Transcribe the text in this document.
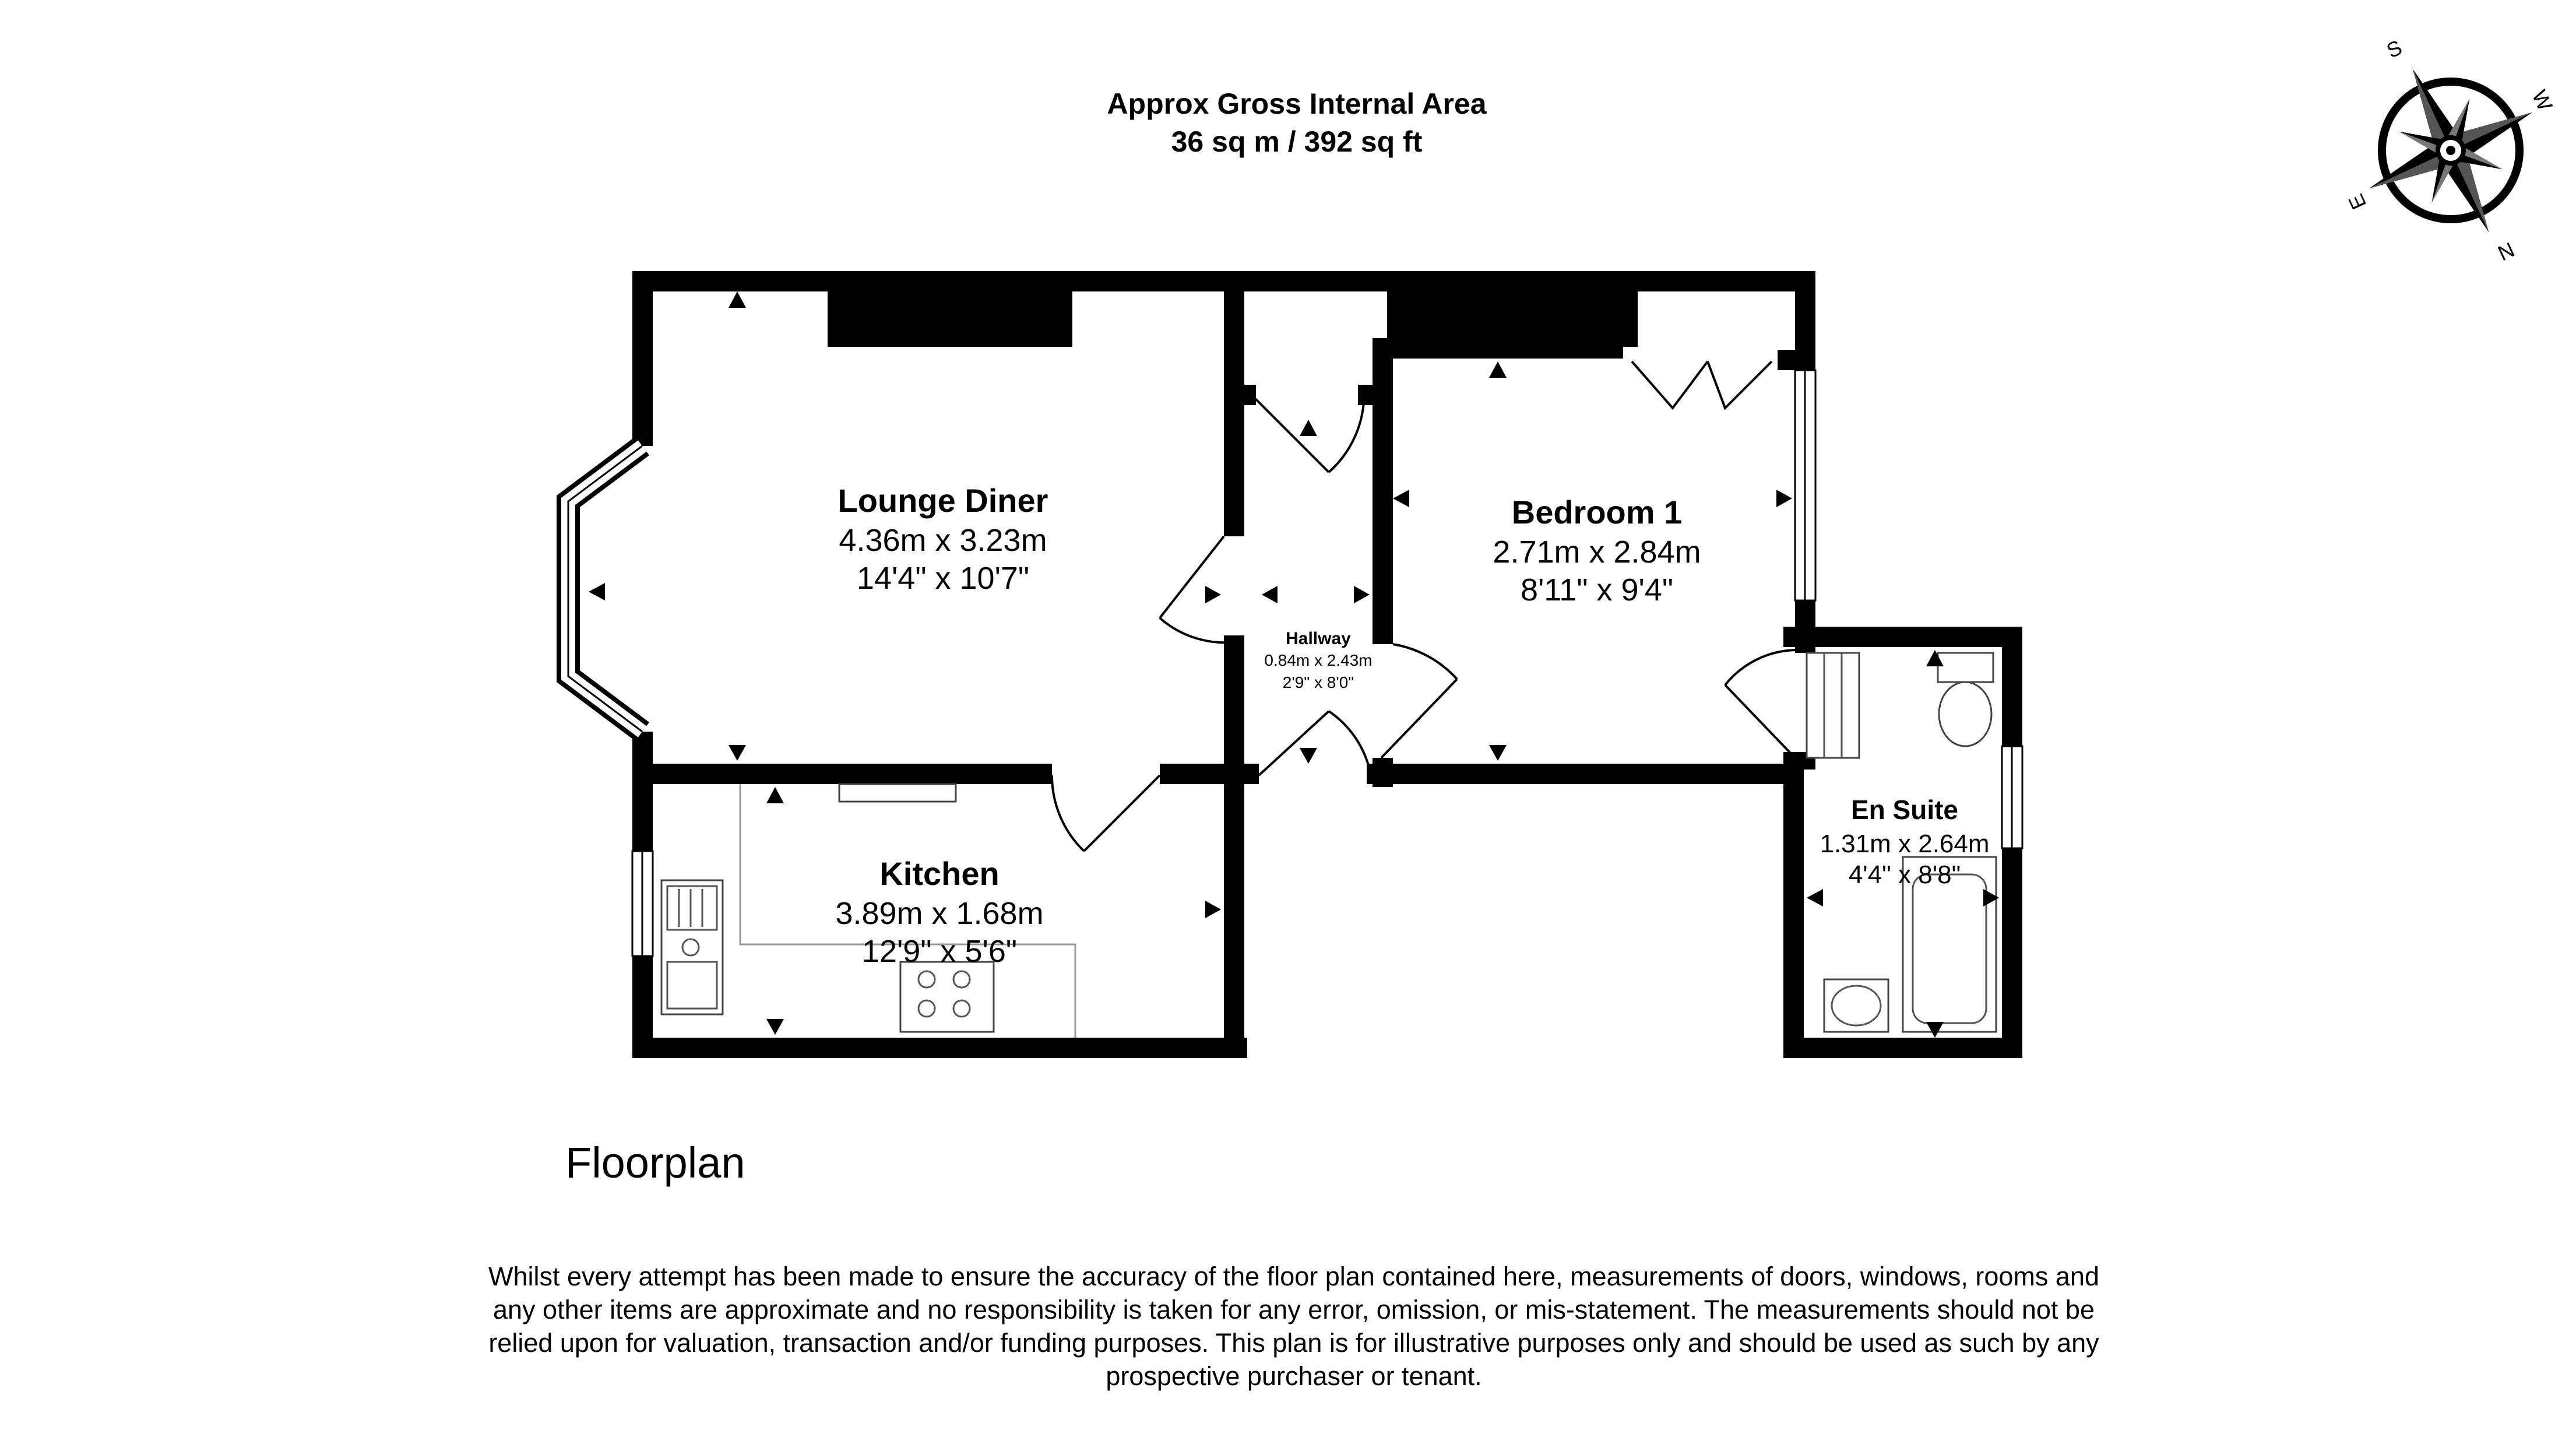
Approx Gross Internal Area
36 sq m / 392 sq ft
S
W
N
E
Lounge Diner
4.36m x 3.23m
14'4" x 10'7"
Bedroom 1
2.71m x 2.84m
8'11" x 9'4"
Hallway
0.84m x 2.43m
2'9" x 8'0"
Kitchen
3.89m x 1.68m
12'9" x 5'6"
En Suite
1.31m x 2.64m
4'4" x 8'8"
Floorplan
Whilst every attempt has been made to ensure the accuracy of the floor plan contained here, measurements of doors, windows, rooms and
any other items are approximate and no responsibility is taken for any error, omission, or mis-statement. The measurements should not be
relied upon for valuation, transaction and/or funding purposes. This plan is for illustrative purposes only and should be used as such by any
prospective purchaser or tenant.
